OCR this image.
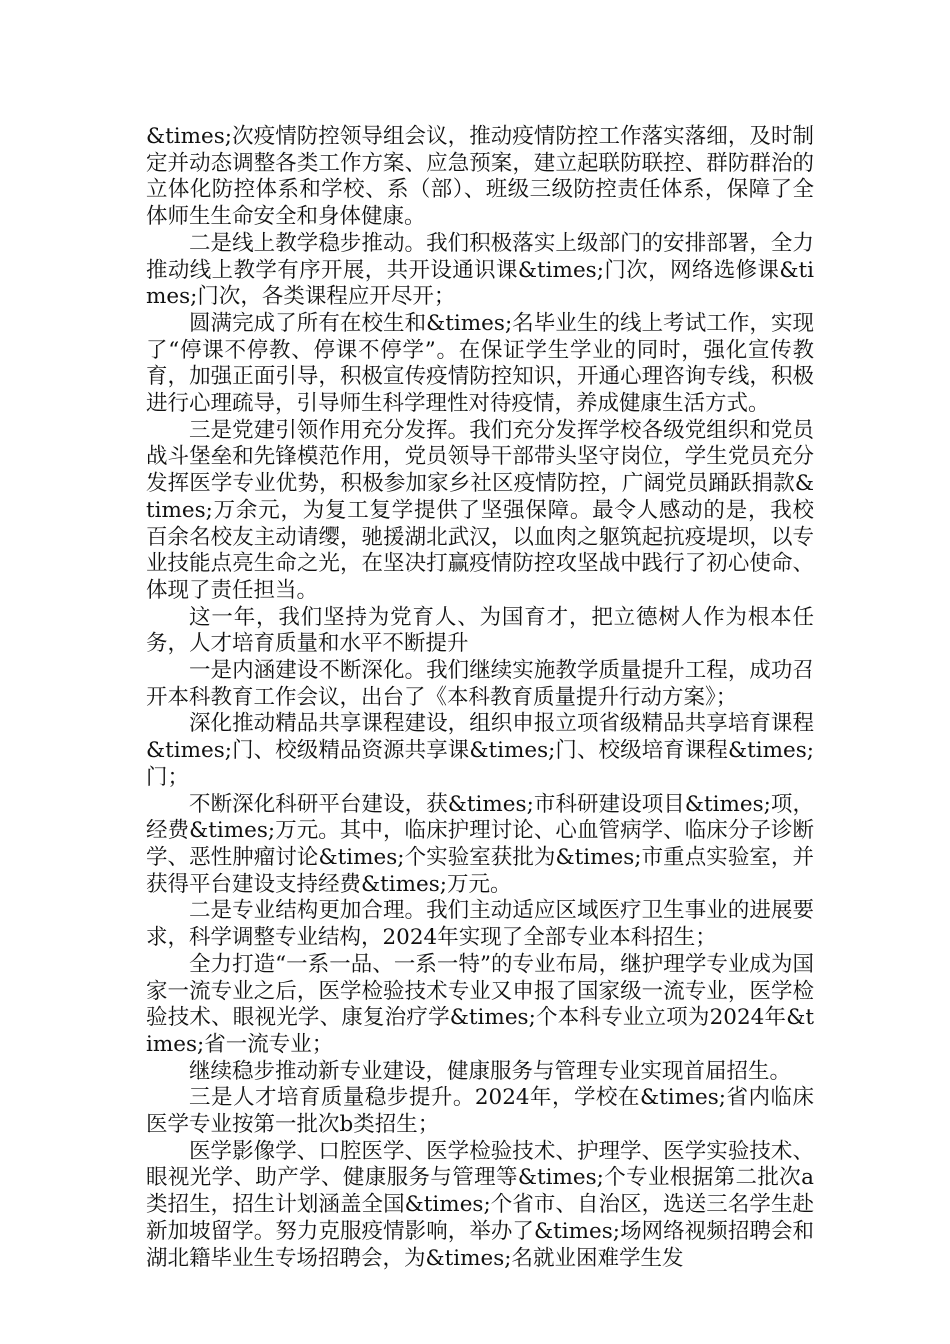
&times;次疫情防控领导组会议，推动疫情防控工作落实落细，及时制定并动态调整各类工作方案、应急预案，建立起联防联控、群防群治的立体化防控体系和学校、系（部）、班级三级防控责任体系，保障了全体师生生命安全和身体健康。

二是线上教学稳步推动。我们积极落实上级部门的安排部署，全力推动线上教学有序开展，共开设通识课&times;门次，网络选修课&times;门次，各类课程应开尽开；

圆满完成了所有在校生和&times;名毕业生的线上考试工作，实现了“停课不停教、停课不停学”。在保证学生学业的同时，强化宣传教育，加强正面引导，积极宣传疫情防控知识，开通心理咨询专线，积极进行心理疏导，引导师生科学理性对待疫情，养成健康生活方式。

三是党建引领作用充分发挥。我们充分发挥学校各级党组织和党员战斗堡垒和先锋模范作用，党员领导干部带头坚守岗位，学生党员充分发挥医学专业优势，积极参加家乡社区疫情防控，广阔党员踊跃捐款&times;万余元，为复工复学提供了坚强保障。最令人感动的是，我校百余名校友主动请缨，驰援湖北武汉，以血肉之躯筑起抗疫堤坝，以专业技能点亮生命之光，在坚决打赢疫情防控攻坚战中践行了初心使命、体现了责任担当。

这一年，我们坚持为党育人、为国育才，把立德树人作为根本任务，人才培育质量和水平不断提升

一是内涵建设不断深化。我们继续实施教学质量提升工程，成功召开本科教育工作会议，出台了《本科教育质量提升行动方案》；

深化推动精品共享课程建设，组织申报立项省级精品共享培育课程&times;门、校级精品资源共享课&times;门、校级培育课程&times;门；

不断深化科研平台建设，获&times;市科研建设项目&times;项，经费&times;万元。其中，临床护理讨论、心血管病学、临床分子诊断学、恶性肿瘤讨论&times;个实验室获批为&times;市重点实验室，并获得平台建设支持经费&times;万元。

二是专业结构更加合理。我们主动适应区域医疗卫生事业的进展要求，科学调整专业结构，2024年实现了全部专业本科招生；

全力打造“一系一品、一系一特”的专业布局，继护理学专业成为国家一流专业之后，医学检验技术专业又申报了国家级一流专业，医学检验技术、眼视光学、康复治疗学&times;个本科专业立项为2024年&times;省一流专业；

继续稳步推动新专业建设，健康服务与管理专业实现首届招生。

三是人才培育质量稳步提升。2024年，学校在&times;省内临床医学专业按第一批次b类招生；

医学影像学、口腔医学、医学检验技术、护理学、医学实验技术、眼视光学、助产学、健康服务与管理等&times;个专业根据第二批次a类招生，招生计划涵盖全国&times;个省市、自治区，选送三名学生赴新加坡留学。努力克服疫情影响，举办了&times;场网络视频招聘会和湖北籍毕业生专场招聘会，为&times;名就业困难学生发
